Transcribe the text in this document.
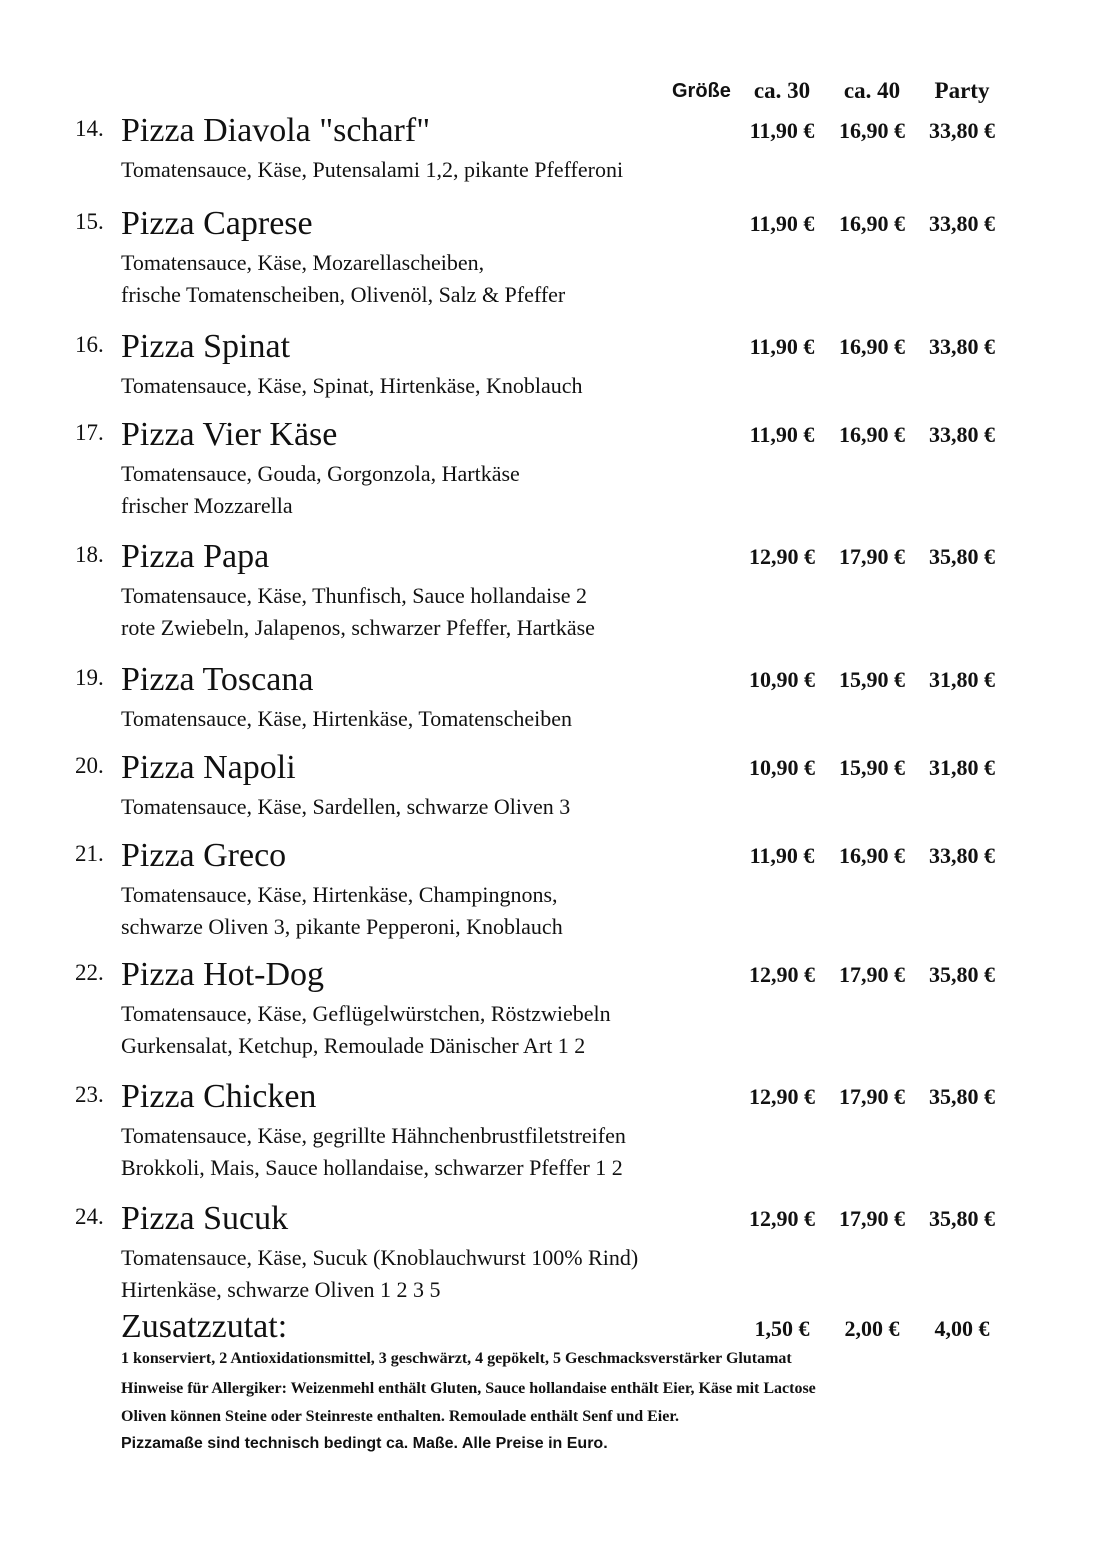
Größe ca. 30	ca. 40	Party
14. Pizza Diavola "scharf"
Tomatensauce, Käse, Putensalami 1,2, pikante Pfefferoni
11,90 €	16,90 €	33,80 €
15. Pizza Caprese
Tomatensauce, Käse, Mozarellascheiben,
frische Tomatenscheiben, Olivenöl, Salz & Pfeffer
11,90 €	16,90 €	33,80 €
16. Pizza Spinat
Tomatensauce, Käse, Spinat, Hirtenkäse, Knoblauch
11,90 €	16,90 €	33,80 €
17. Pizza Vier Käse
Tomatensauce, Gouda, Gorgonzola, Hartkäse
frischer Mozzarella
11,90 €	16,90 €	33,80 €
18. Pizza Papa
Tomatensauce, Käse, Thunfisch, Sauce hollandaise 2
rote Zwiebeln, Jalapenos, schwarzer Pfeffer, Hartkäse
12,90 €	17,90 €	35,80 €
19. Pizza Toscana
Tomatensauce, Käse, Hirtenkäse, Tomatenscheiben
10,90 €	15,90 €	31,80 €
20. Pizza Napoli
Tomatensauce, Käse, Sardellen, schwarze Oliven 3
10,90 €	15,90 €	31,80 €
21. Pizza Greco
Tomatensauce, Käse, Hirtenkäse, Champingnons,
schwarze Oliven 3, pikante Pepperoni, Knoblauch
11,90 €	16,90 €	33,80 €
22. Pizza Hot-Dog
Tomatensauce, Käse, Geflügelwürstchen, Röstzwiebeln
Gurkensalat, Ketchup, Remoulade Dänischer Art 1 2
12,90 €	17,90 €	35,80 €
23. Pizza Chicken
Tomatensauce, Käse, gegrillte Hähnchenbrustfiletstreifen
Brokkoli, Mais, Sauce hollandaise, schwarzer Pfeffer 1 2
12,90 €	17,90 €	35,80 €
24. Pizza Sucuk
Tomatensauce, Käse, Sucuk (Knoblauchwurst 100% Rind)
Hirtenkäse, schwarze Oliven 1 2 3 5
12,90 €	17,90 €	35,80 €
Zusatzzutat:	1,50 €	2,00 €	4,00 €
1 konserviert, 2 Antioxidationsmittel, 3 geschwärzt, 4 gepökelt, 5 Geschmacksverstärker Glutamat
Hinweise für Allergiker: Weizenmehl enthält Gluten, Sauce hollandaise enthält Eier, Käse mit Lactose
Oliven können Steine oder Steinreste enthalten. Remoulade enthält Senf und Eier.
Pizzamaße sind technisch bedingt ca. Maße. Alle Preise in Euro.
